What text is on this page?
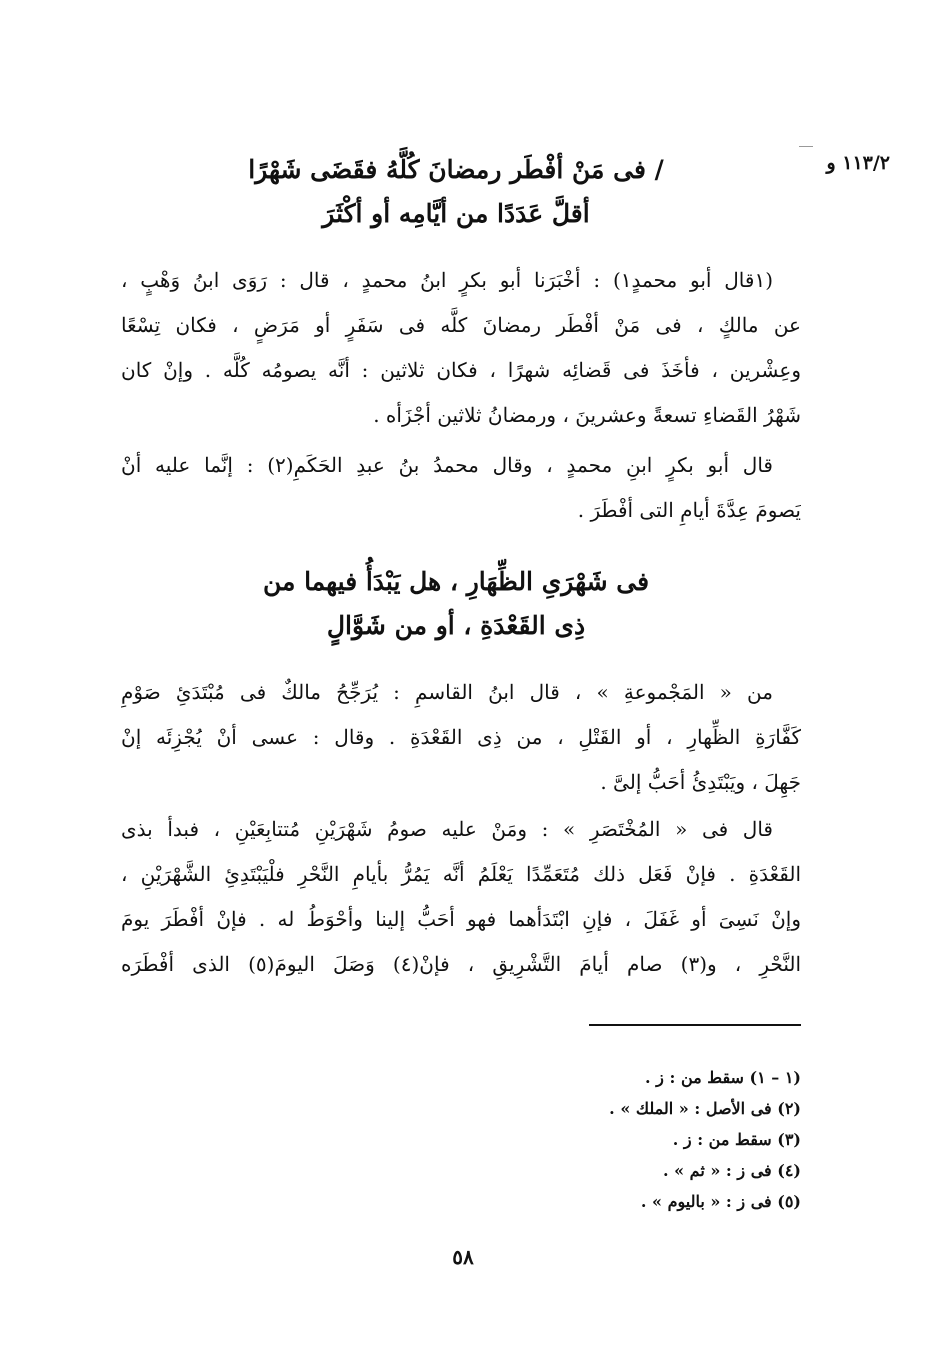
١١٣/٢ و
/ فى مَنْ أفْطَر رمضانَ كُلَّهُ فقَضَى شَهْرًا
أقلَّ عَدَدًا من أيَّامِه أو أكْثَرَ
(١قال أبو محمدٍ١) : أخْبَرَنا أبو بكرٍ ابنُ محمدٍ ، قال : رَوَى ابنُ وَهْبٍ ،
عن مالكٍ ، فى مَنْ أفْطَر رمضانَ كلَّه فى سَفَرٍ أو مَرَضٍ ، فكان تِسْعًا
وعِشْرين ، فأخَذَ فى قَضائِه شهرًا ، فكان ثلاثين : أنَّه يصومُه كُلَّه . وإنْ كان
شَهْرُ القَضاءِ تسعةً وعشرينَ ، ورمضانُ ثلاثين أجْزَأه .
قال أبو بكرٍ ابنِ محمدٍ ، وقال محمدُ بنُ عبدِ الحَكَمِ(٢) : إنَّما عليه أنْ
يَصومَ عِدَّةَ أيامِ التى أفْطَرَ .
فى شَهْرَىِ الظِّهَارِ ، هل يَبْدَأُ فيهما من
ذِى القَعْدَةِ ، أو من شَوَّالٍ
من « المَجْموعةِ » ، قال ابنُ القاسمِ : يُرَجِّحُ مالكٌ فى مُبْتَدَئِ صَوْمِ
كَفَّارَةِ الظِّهارِ ، أو القَتْلِ ، من ذِى القَعْدَةِ . وقال : عسى أنْ يُجْزِئَه إنْ
جَهِلَ ، ويَبْتَدِئُ أحَبُّ إلىَّ .
قال فى « المُخْتَصَرِ » : ومَنْ عليه صومُ شَهْرَيْنِ مُتتابِعَيْنِ ، فبدأ بذى
القَعْدَةِ . فإنْ فَعَل ذلك مُتَعَمِّدًا يَعْلَمُ أنَّه يَمُرُّ بأيامِ النَّحْرِ فلْيَبْتَدِئِ الشَّهْرَيْنِ ،
وإنْ نَسِىَ أو غَفَلَ ، فإنِ ابْتَدَأهما فهو أحَبُّ إلينا وأحْوَطُ له . فإنْ أفْطَرَ يومَ
النَّحْرِ ، و(٣) صام أيامَ التَّشْرِيقِ ، فإنْ(٤) وَصَلَ اليومَ(٥) الذى أفْطَرَه
(١ – ١) سقط من : ز .
(٢) فى الأصل : « الملك » .
(٣) سقط من : ز .
(٤) فى ز : « ثم » .
(٥) فى ز : « باليوم » .
٥٨
